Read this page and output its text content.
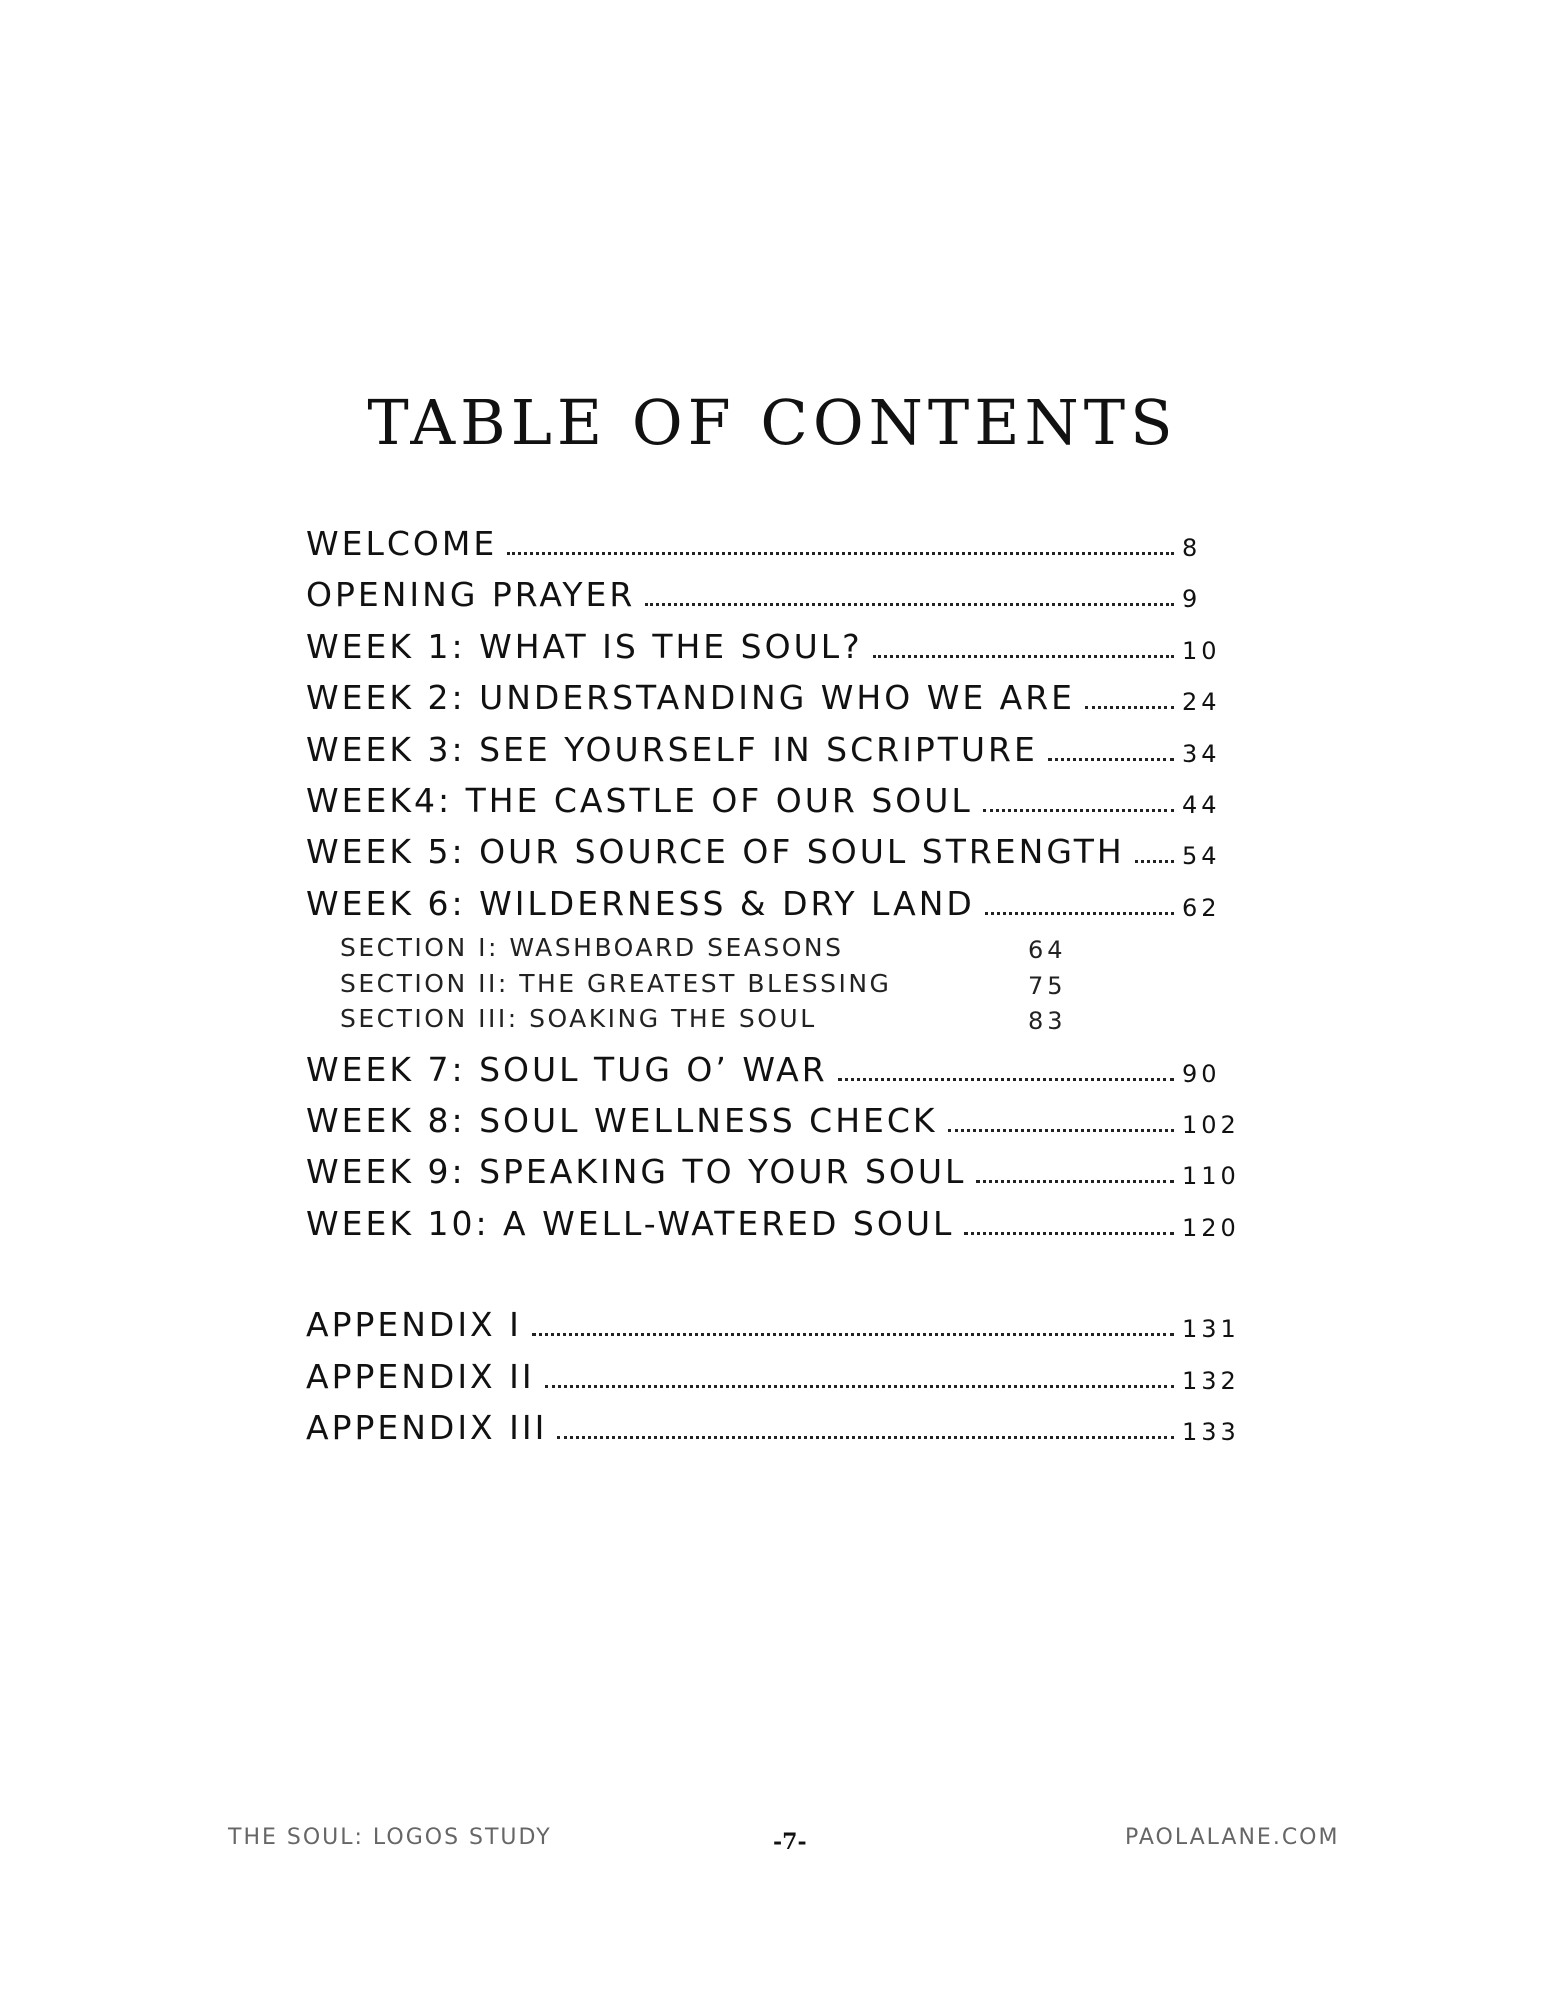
TABLE OF CONTENTS
WELCOME	8
OPENING PRAYER	9
WEEK 1: WHAT IS THE SOUL?	10
WEEK 2: UNDERSTANDING WHO WE ARE	24
WEEK 3: SEE YOURSELF IN SCRIPTURE	34
WEEK4: THE CASTLE OF OUR SOUL	44
WEEK 5: OUR SOURCE OF SOUL STRENGTH 54
WEEK 6: WILDERNESS & DRY LAND	62
SECTION I: WASHBOARD SEASONS	64
SECTION II: THE GREATEST BLESSING	75
SECTION III: SOAKING THE SOUL	83
WEEK 7: SOUL TUG O’ WAR	90
WEEK 8: SOUL WELLNESS CHECK	102
WEEK 9: SPEAKING TO YOUR SOUL	110
WEEK 10: A WELL-WATERED SOUL	120
APPENDIX I	131
APPENDIX II	132
APPENDIX III	133
THE SOUL: LOGOS STUDY	-7-	PAOLALANE.COM
